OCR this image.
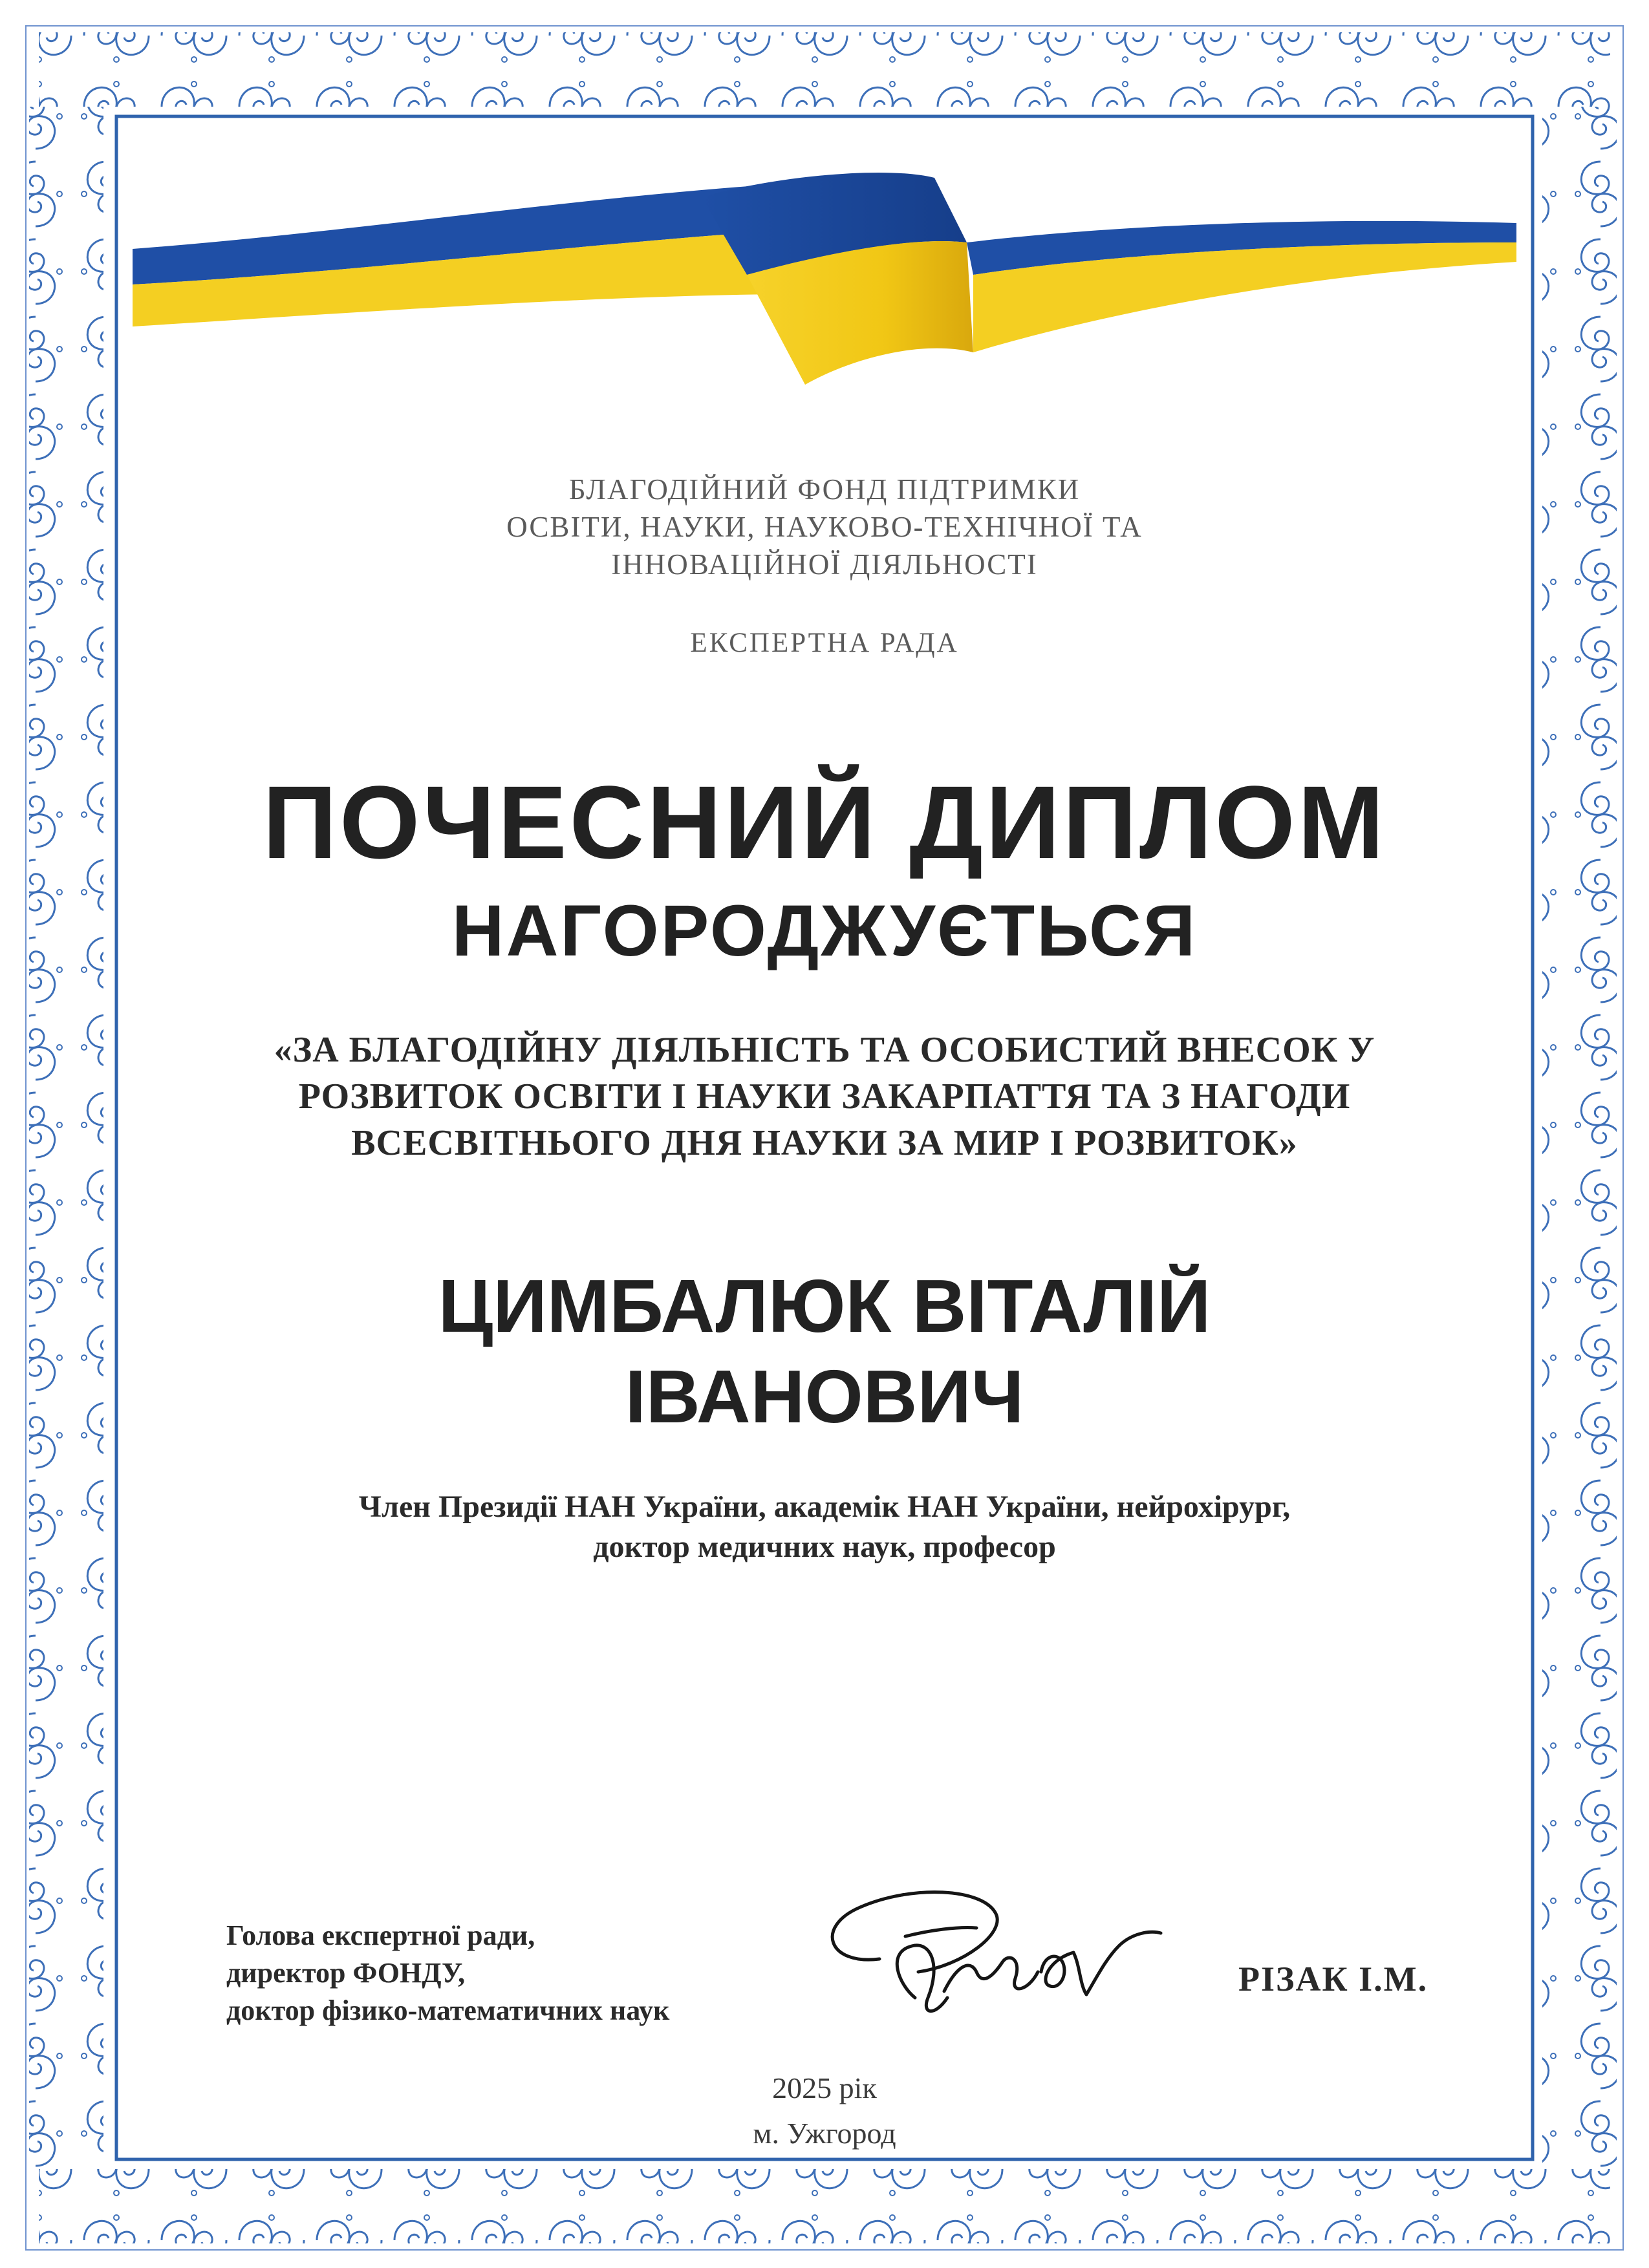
БЛАГОДІЙНИЙ ФОНД ПІДТРИМКИ
ОСВІТИ, НАУКИ, НАУКОВО-ТЕХНІЧНОЇ ТА
ІННОВАЦІЙНОЇ ДІЯЛЬНОСТІ
ЕКСПЕРТНА РАДА
ПОЧЕСНИЙ ДИПЛОМ
НАГОРОДЖУЄТЬСЯ
«ЗА БЛАГОДІЙНУ ДІЯЛЬНІСТЬ ТА ОСОБИСТИЙ ВНЕСОК У
РОЗВИТОК ОСВІТИ І НАУКИ ЗАКАРПАТТЯ ТА З НАГОДИ
ВСЕСВІТНЬОГО ДНЯ НАУКИ ЗА МИР І РОЗВИТОК»
ЦИМБАЛЮК ВІТАЛІЙ
ІВАНОВИЧ
Член Президії НАН України, академік НАН України, нейрохірург,
доктор медичних наук, професор
Голова експертної ради,
директор ФОНДУ,
доктор фізико-математичних наук
РІЗАК І.М.
2025 рік
м. Ужгород
